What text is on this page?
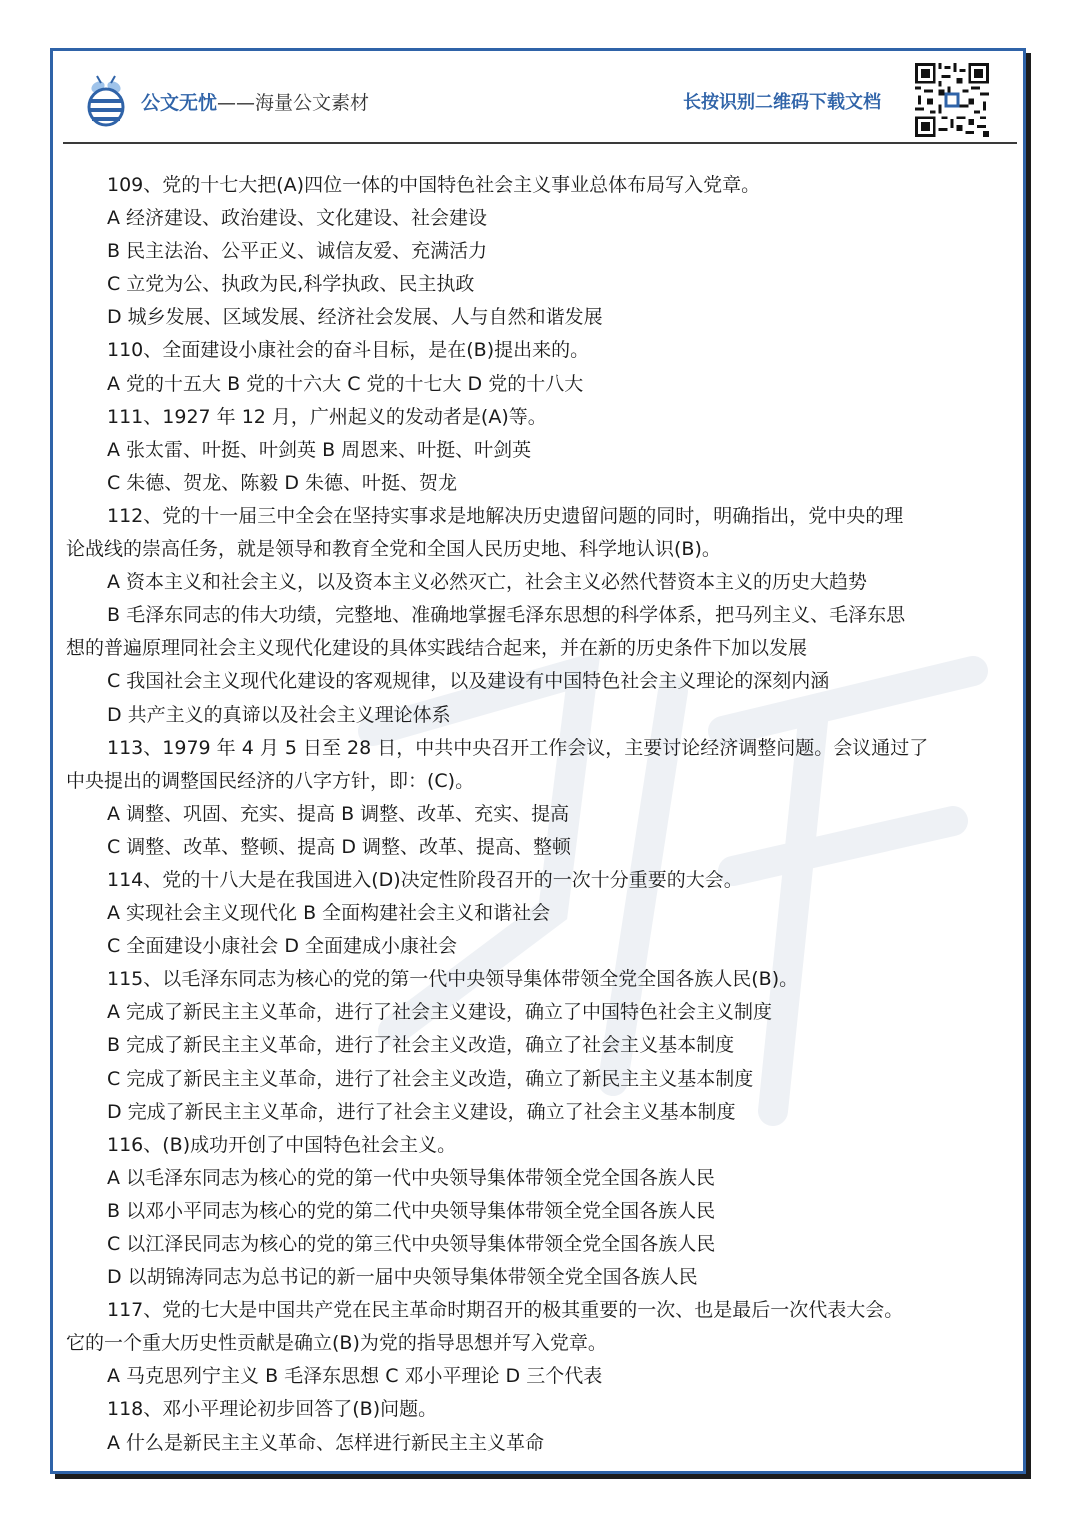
公文无忧——海量公文素材	长按识别二维码下载文档

109、党的十七大把(A)四位一体的中国特色社会主义事业总体布局写入党章。

A 经济建设、政治建设、文化建设、社会建设

B 民主法治、公平正义、诚信友爱、充满活力

C 立党为公、执政为民,科学执政、民主执政

D 城乡发展、区域发展、经济社会发展、人与自然和谐发展

110、全面建设小康社会的奋斗目标，是在(B)提出来的。

A 党的十五大 B 党的十六大 C 党的十七大 D 党的十八大

111、1927 年 12 月，广州起义的发动者是(A)等。

A 张太雷、叶挺、叶剑英 B 周恩来、叶挺、叶剑英

C 朱德、贺龙、陈毅 D 朱德、叶挺、贺龙

112、党的十一届三中全会在坚持实事求是地解决历史遗留问题的同时，明确指出，党中央的理

论战线的崇高任务，就是领导和教育全党和全国人民历史地、科学地认识(B)。

A 资本主义和社会主义，以及资本主义必然灭亡，社会主义必然代替资本主义的历史大趋势

B 毛泽东同志的伟大功绩，完整地、准确地掌握毛泽东思想的科学体系，把马列主义、毛泽东思

想的普遍原理同社会主义现代化建设的具体实践结合起来，并在新的历史条件下加以发展

C 我国社会主义现代化建设的客观规律，以及建设有中国特色社会主义理论的深刻内涵

D 共产主义的真谛以及社会主义理论体系

113、1979 年 4 月 5 日至 28 日，中共中央召开工作会议，主要讨论经济调整问题。会议通过了

中央提出的调整国民经济的八字方针，即：(C)。

A 调整、巩固、充实、提高 B 调整、改革、充实、提高

C 调整、改革、整顿、提高 D 调整、改革、提高、整顿

114、党的十八大是在我国进入(D)决定性阶段召开的一次十分重要的大会。

A 实现社会主义现代化 B 全面构建社会主义和谐社会

C 全面建设小康社会 D 全面建成小康社会

115、以毛泽东同志为核心的党的第一代中央领导集体带领全党全国各族人民(B)。

A 完成了新民主主义革命，进行了社会主义建设，确立了中国特色社会主义制度

B 完成了新民主主义革命，进行了社会主义改造，确立了社会主义基本制度

C 完成了新民主主义革命，进行了社会主义改造，确立了新民主主义基本制度

D 完成了新民主主义革命，进行了社会主义建设，确立了社会主义基本制度

116、(B)成功开创了中国特色社会主义。

A 以毛泽东同志为核心的党的第一代中央领导集体带领全党全国各族人民

B 以邓小平同志为核心的党的第二代中央领导集体带领全党全国各族人民

C 以江泽民同志为核心的党的第三代中央领导集体带领全党全国各族人民

D 以胡锦涛同志为总书记的新一届中央领导集体带领全党全国各族人民

117、党的七大是中国共产党在民主革命时期召开的极其重要的一次、也是最后一次代表大会。

它的一个重大历史性贡献是确立(B)为党的指导思想并写入党章。

A 马克思列宁主义 B 毛泽东思想 C 邓小平理论 D 三个代表

118、邓小平理论初步回答了(B)问题。

A 什么是新民主主义革命、怎样进行新民主主义革命
